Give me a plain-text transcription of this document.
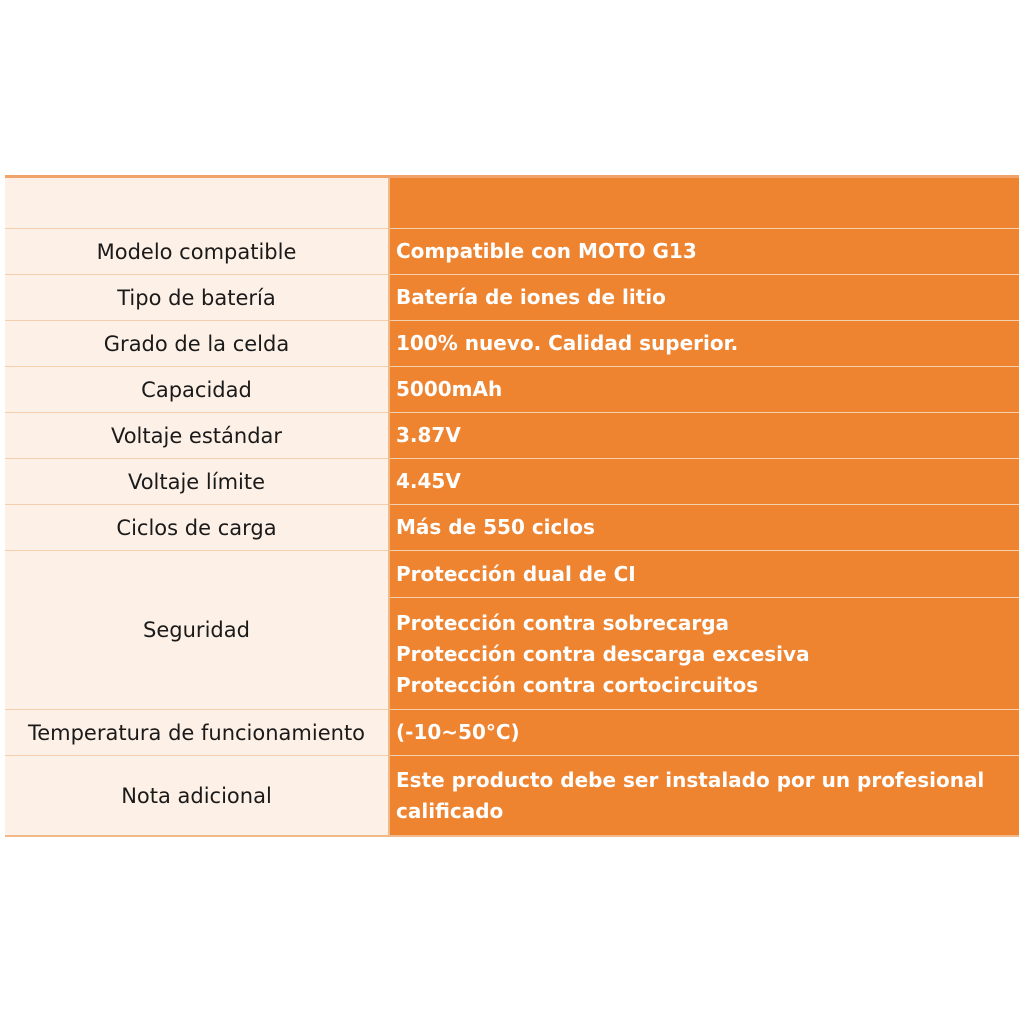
Modelo compatible	Compatible con MOTO G13
Tipo de batería	Batería de iones de litio
Grado de la celda	100% nuevo. Calidad superior.
Capacidad	5000mAh
Voltaje estándar	3.87V
Voltaje límite	4.45V
Ciclos de carga	Más de 550 ciclos
Seguridad	Protección dual de CI
Protección contra sobrecarga
Protección contra descarga excesiva
Protección contra cortocircuitos

Temperatura de funcionamiento	(-10~50°C)
Nota adicional	Este producto debe ser instalado por un profesional calificado
